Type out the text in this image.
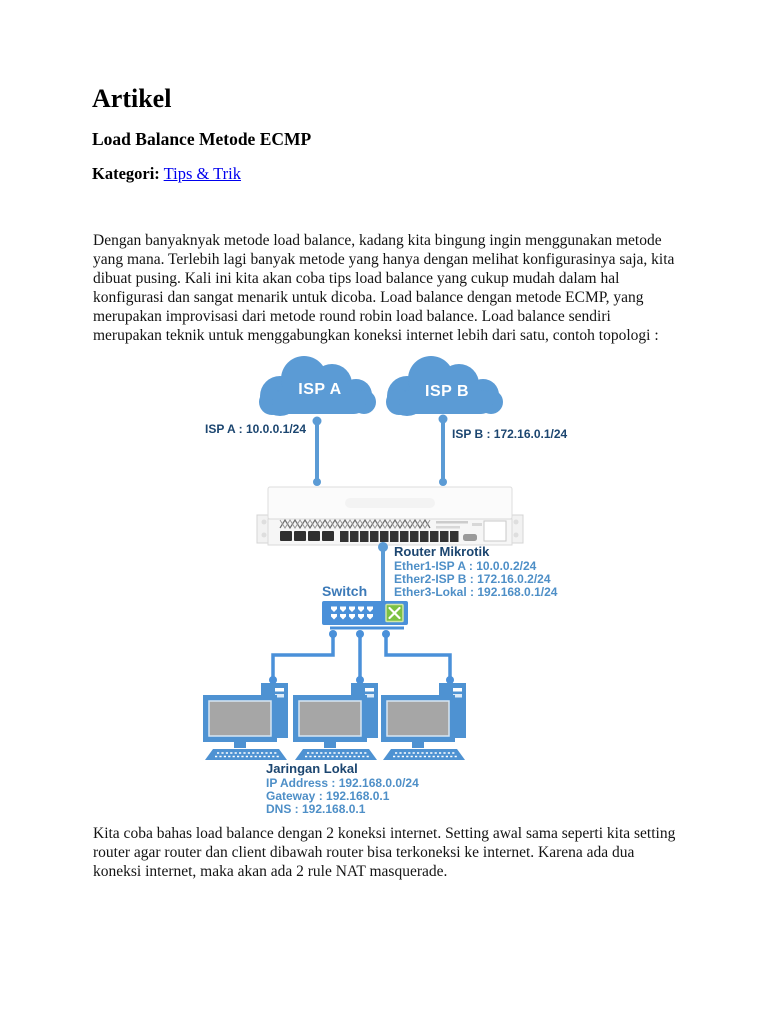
Artikel
Load Balance Metode ECMP
Kategori: Tips & Trik

Dengan banyaknyak metode load balance, kadang kita bingung ingin menggunakan metode yang mana. Terlebih lagi banyak metode yang hanya dengan melihat konfigurasinya saja, kita dibuat pusing. Kali ini kita akan coba tips load balance yang cukup mudah dalam hal konfigurasi dan sangat menarik untuk dicoba. Load balance dengan metode ECMP, yang merupakan improvisasi dari metode round robin load balance. Load balance sendiri merupakan teknik untuk menggabungkan koneksi internet lebih dari satu, contoh topologi :

ISP A	ISP B
ISP A : 10.0.0.1/24	ISP B : 172.16.0.1/24
Router Mikrotik
Ether1-ISP A : 10.0.0.2/24
Ether2-ISP B : 172.16.0.2/24
Ether3-Lokal : 192.168.0.1/24
Switch
Jaringan Lokal
IP Address : 192.168.0.0/24
Gateway : 192.168.0.1
DNS : 192.168.0.1

Kita coba bahas load balance dengan 2 koneksi internet. Setting awal sama seperti kita setting router agar router dan client dibawah router bisa terkoneksi ke internet. Karena ada dua koneksi internet, maka akan ada 2 rule NAT masquerade.
